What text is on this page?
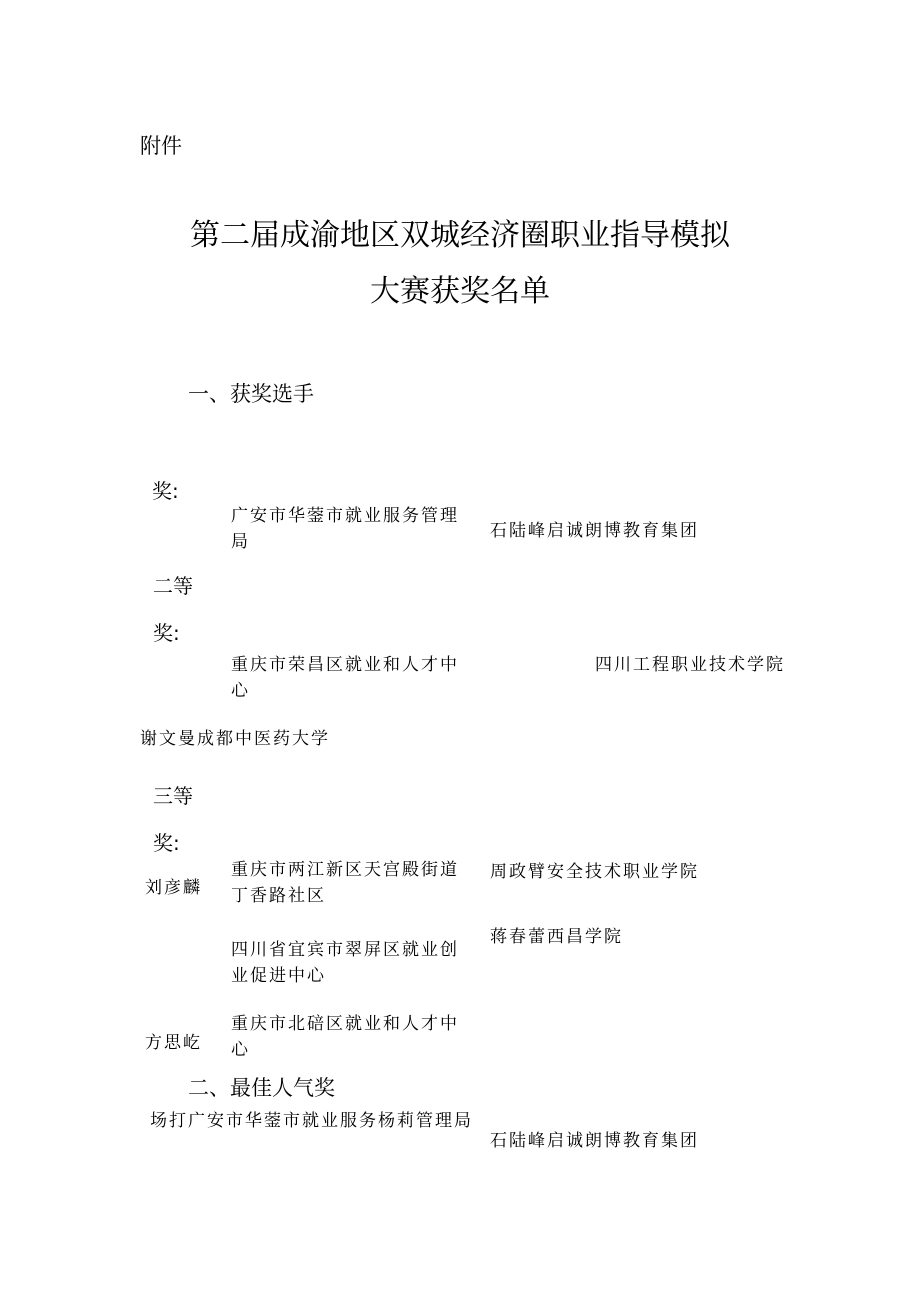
附件
第二届成渝地区双城经济圈职业指导模拟
大赛获奖名单
一、获奖选手
奖:
广安市华蓥市就业服务管理局
石陆峰启诚朗博教育集团
二等
奖:
重庆市荣昌区就业和人才中心
四川工程职业技术学院
谢文曼成都中医药大学
三等
奖:
刘彦麟
重庆市两江新区天宫殿街道丁香路社区
周政臂安全技术职业学院
四川省宜宾市翠屏区就业创业促进中心
蒋春蕾西昌学院
方思屹
重庆市北碚区就业和人才中心
二、最佳人气奖
场打广安市华蓥市就业服务杨莉管理局
石陆峰启诚朗博教育集团
